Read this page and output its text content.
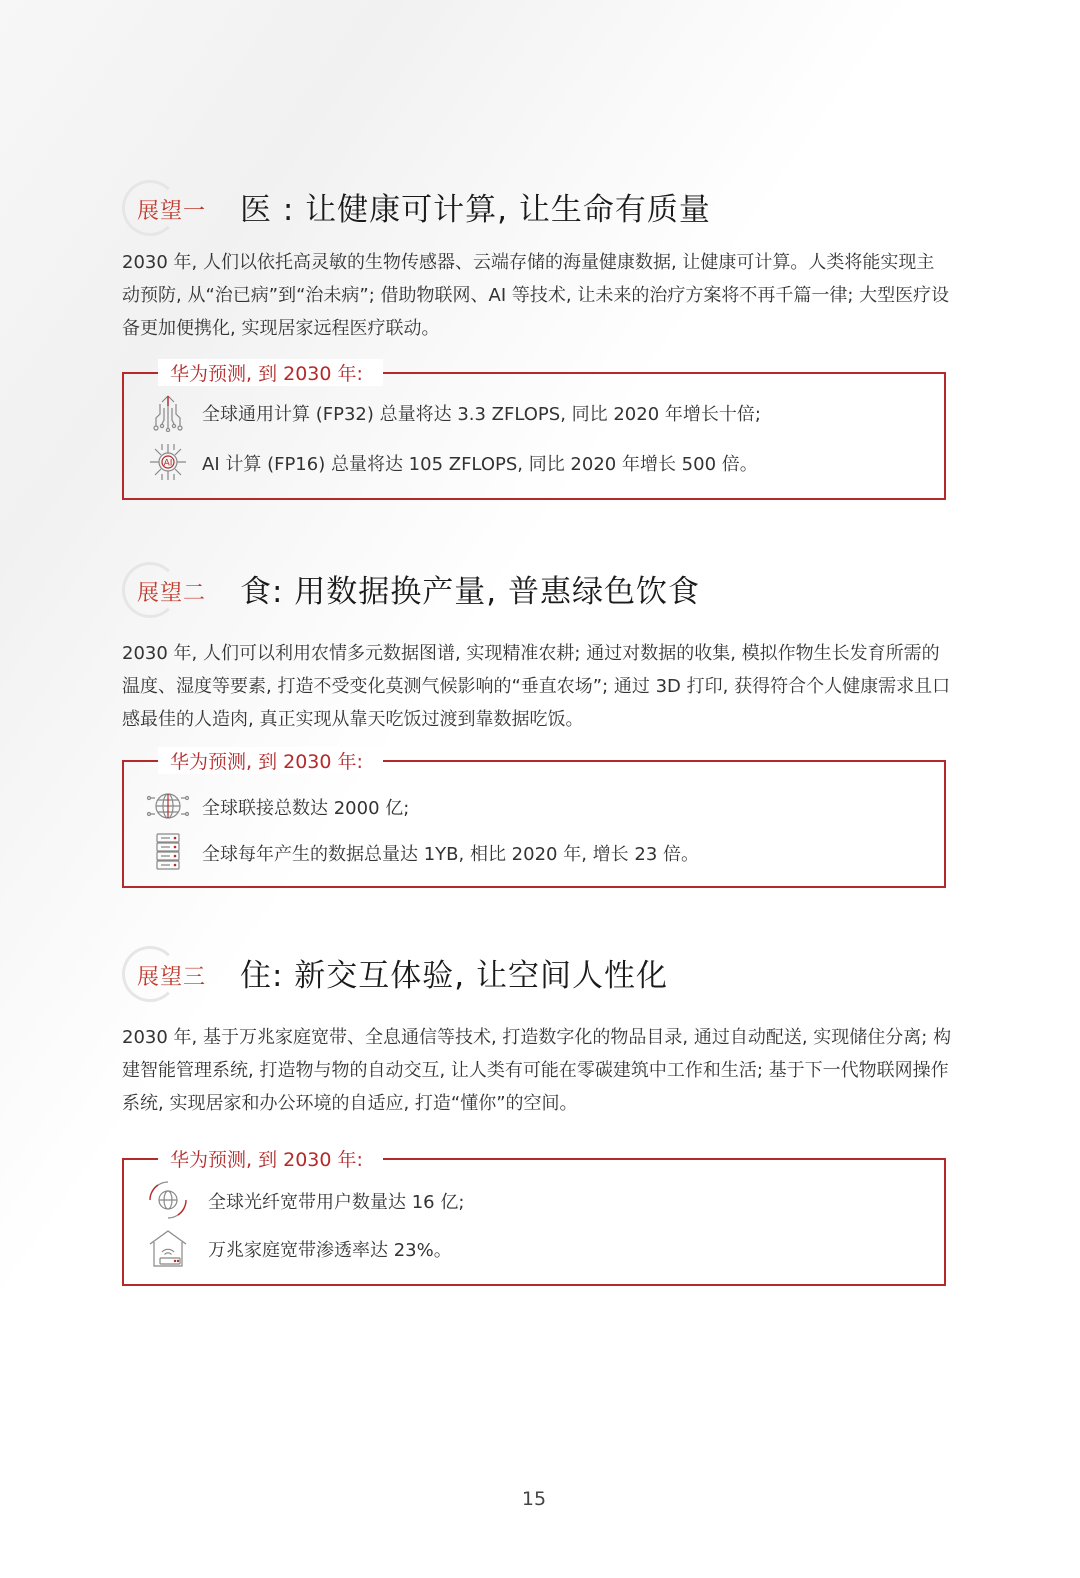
展望一 医 : 让健康可计算, 让生命有质量

2030 年, 人们以依托高灵敏的生物传感器、云端存储的海量健康数据, 让健康可计算。人类将能实现主动预防, 从“治已病”到“治未病”; 借助物联网、AI 等技术, 让未来的治疗方案将不再千篇一律; 大型医疗设备更加便携化, 实现居家远程医疗联动。

华为预测, 到 2030 年:
全球通用计算 (FP32) 总量将达 3.3 ZFLOPS, 同比 2020 年增长十倍;
AI AI 计算 (FP16) 总量将达 105 ZFLOPS, 同比 2020 年增长 500 倍。
展望二 食: 用数据换产量, 普惠绿色饮食

2030 年, 人们可以利用农情多元数据图谱, 实现精准农耕; 通过对数据的收集, 模拟作物生长发育所需的温度、湿度等要素, 打造不受变化莫测气候影响的“垂直农场”; 通过 3D 打印, 获得符合个人健康需求且口感最佳的人造肉, 真正实现从靠天吃饭过渡到靠数据吃饭。

华为预测, 到 2030 年:
全球联接总数达 2000 亿;
全球每年产生的数据总量达 1YB, 相比 2020 年, 增长 23 倍。
展望三 住: 新交互体验, 让空间人性化

2030 年, 基于万兆家庭宽带、全息通信等技术, 打造数字化的物品目录, 通过自动配送, 实现储住分离; 构建智能管理系统, 打造物与物的自动交互, 让人类有可能在零碳建筑中工作和生活; 基于下一代物联网操作系统, 实现居家和办公环境的自适应, 打造“懂你”的空间。

华为预测, 到 2030 年:
全球光纤宽带用户数量达 16 亿;
万兆家庭宽带渗透率达 23%。
15
